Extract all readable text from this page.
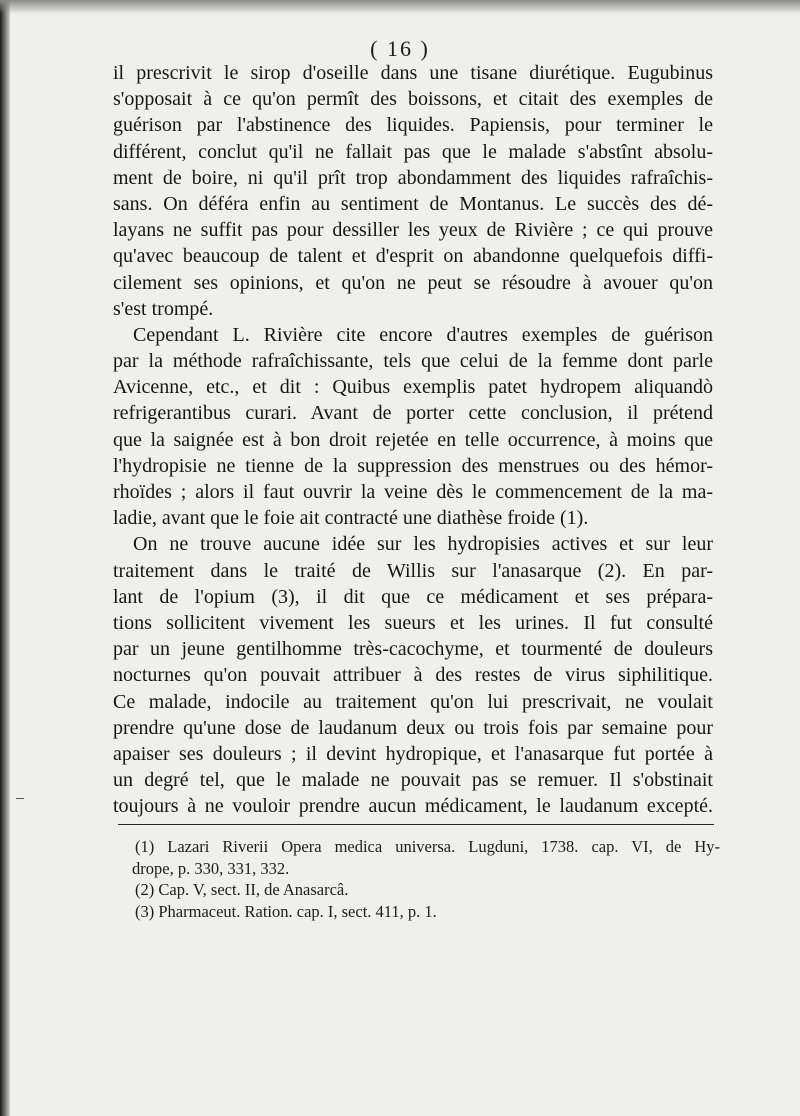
( 16 )
il prescrivit le sirop d'oseille dans une tisane diurétique. Eugubinus
s'opposait à ce qu'on permît des boissons, et citait des exemples de
guérison par l'abstinence des liquides. Papiensis, pour terminer le
différent, conclut qu'il ne fallait pas que le malade s'abstînt absolu-
ment de boire, ni qu'il prît trop abondamment des liquides rafraîchis-
sans. On déféra enfin au sentiment de Montanus. Le succès des dé-
layans ne suffit pas pour dessiller les yeux de Rivière ; ce qui prouve
qu'avec beaucoup de talent et d'esprit on abandonne quelquefois diffi-
cilement ses opinions, et qu'on ne peut se résoudre à avouer qu'on
s'est trompé.
Cependant L. Rivière cite encore d'autres exemples de guérison
par la méthode rafraîchissante, tels que celui de la femme dont parle
Avicenne, etc., et dit : Quibus exemplis patet hydropem aliquandò
refrigerantibus curari. Avant de porter cette conclusion, il prétend
que la saignée est à bon droit rejetée en telle occurrence, à moins que
l'hydropisie ne tienne de la suppression des menstrues ou des hémor-
rhoïdes ; alors il faut ouvrir la veine dès le commencement de la ma-
ladie, avant que le foie ait contracté une diathèse froide (1).
On ne trouve aucune idée sur les hydropisies actives et sur leur
traitement dans le traité de Willis sur l'anasarque (2). En par-
lant de l'opium (3), il dit que ce médicament et ses prépara-
tions sollicitent vivement les sueurs et les urines. Il fut consulté
par un jeune gentilhomme très-cacochyme, et tourmenté de douleurs
nocturnes qu'on pouvait attribuer à des restes de virus siphilitique.
Ce malade, indocile au traitement qu'on lui prescrivait, ne voulait
prendre qu'une dose de laudanum deux ou trois fois par semaine pour
apaiser ses douleurs ; il devint hydropique, et l'anasarque fut portée à
un degré tel, que le malade ne pouvait pas se remuer. Il s'obstinait
toujours à ne vouloir prendre aucun médicament, le laudanum excepté.
(1) Lazari Riverii Opera medica universa. Lugduni, 1738. cap. VI, de Hy-
drope, p. 330, 331, 332.
(2) Cap. V, sect. II, de Anasarcâ.
(3) Pharmaceut. Ration. cap. I, sect. 411, p. 1.
